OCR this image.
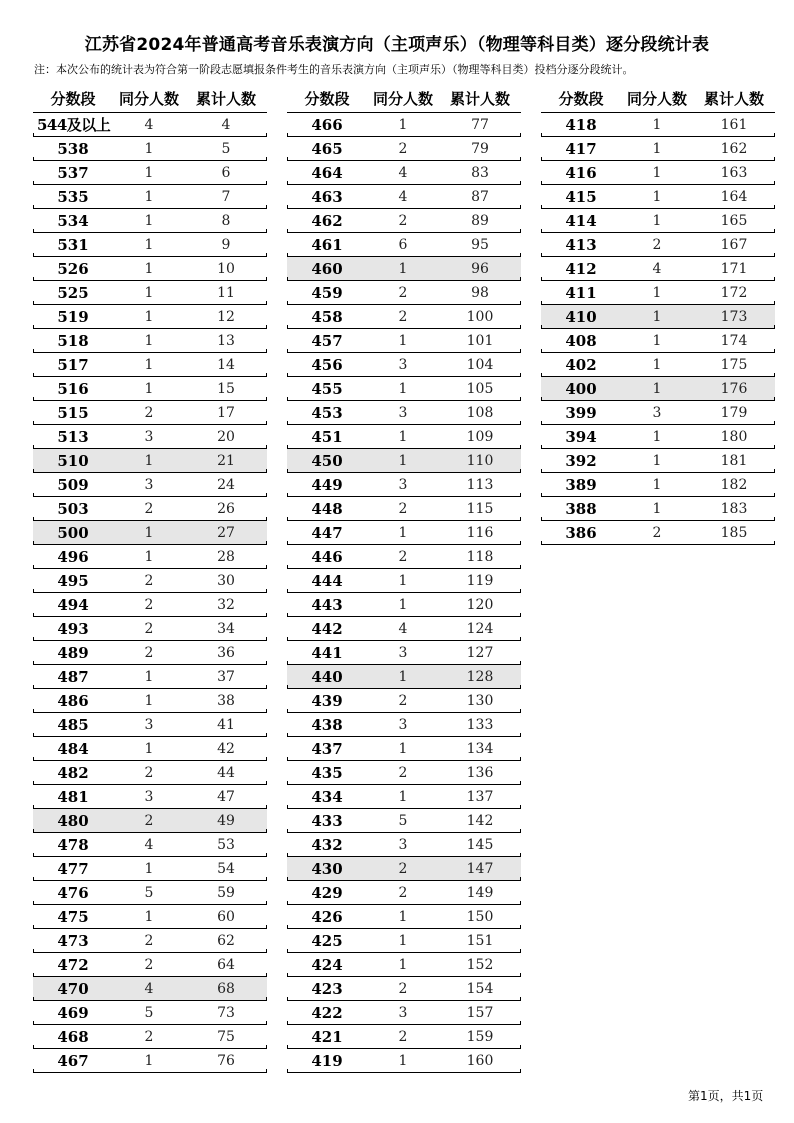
江苏省2024年普通高考音乐表演方向（主项声乐）（物理等科目类）逐分段统计表
注：本次公布的统计表为符合第一阶段志愿填报条件考生的音乐表演方向（主项声乐）（物理等科目类）投档分逐分段统计。
分数段	同分人数	累计人数
544及以上	4	4
538	1	5
537	1	6
535	1	7
534	1	8
531	1	9
526	1	10
525	1	11
519	1	12
518	1	13
517	1	14
516	1	15
515	2	17
513	3	20
510	1	21
509	3	24
503	2	26
500	1	27
496	1	28
495	2	30
494	2	32
493	2	34
489	2	36
487	1	37
486	1	38
485	3	41
484	1	42
482	2	44
481	3	47
480	2	49
478	4	53
477	1	54
476	5	59
475	1	60
473	2	62
472	2	64
470	4	68
469	5	73
468	2	75
467	1	76
分数段	同分人数	累计人数
466	1	77
465	2	79
464	4	83
463	4	87
462	2	89
461	6	95
460	1	96
459	2	98
458	2	100
457	1	101
456	3	104
455	1	105
453	3	108
451	1	109
450	1	110
449	3	113
448	2	115
447	1	116
446	2	118
444	1	119
443	1	120
442	4	124
441	3	127
440	1	128
439	2	130
438	3	133
437	1	134
435	2	136
434	1	137
433	5	142
432	3	145
430	2	147
429	2	149
426	1	150
425	1	151
424	1	152
423	2	154
422	3	157
421	2	159
419	1	160
分数段	同分人数	累计人数
418	1	161
417	1	162
416	1	163
415	1	164
414	1	165
413	2	167
412	4	171
411	1	172
410	1	173
408	1	174
402	1	175
400	1	176
399	3	179
394	1	180
392	1	181
389	1	182
388	1	183
386	2	185
第1页，共1页
